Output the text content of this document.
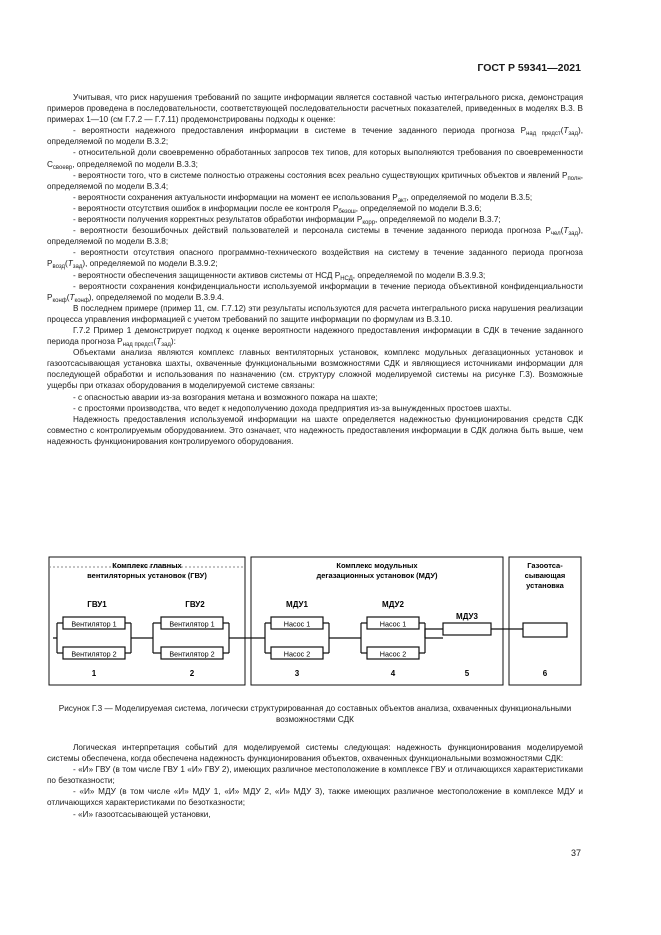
ГОСТ Р 59341—2021

Учитывая, что риск нарушения требований по защите информации является составной частью интегрального риска, демонстрация примеров проведена в последовательности, соответствующей последовательности расчетных показателей, приведенных в моделях В.3. В примерах 1—10 (см Г.7.2 — Г.7.11) продемонстрированы подходы к оценке:

- вероятности надежного предоставления информации в системе в течение заданного периода прогноза $P_{над предст}(T_{зад})$, определяемой по модели В.3.2;

- относительной доли своевременно обработанных запросов тех типов, для которых выполняются требования по своевременности $C_{своевр}$, определяемой по модели В.3.3;

- вероятности того, что в системе полностью отражены состояния всех реально существующих критичных объектов и явлений $P_{полн}$, определяемой по модели В.3.4;

- вероятности сохранения актуальности информации на момент ее использования $P_{акт}$, определяемой по модели В.3.5;

- вероятности отсутствия ошибок в информации после ее контроля $P_{безош}$, определяемой по модели В.3.6;

- вероятности получения корректных результатов обработки информации $P_{корр}$, определяемой по модели В.3.7;

- вероятности безошибочных действий пользователей и персонала системы в течение заданного периода прогноза $P_{чел}(T_{зад})$, определяемой по модели В.3.8;

- вероятности отсутствия опасного программно-технического воздействия на систему в течение заданного периода прогноза $P_{возд}(T_{зад})$, определяемой по модели В.3.9.2;

- вероятности обеспечения защищенности активов системы от НСД $P_{НСД}$, определяемой по модели В.3.9.3;

- вероятности сохранения конфиденциальности используемой информации в течение периода объективной конфиденциальности $P_{конф}(T_{конф})$, определяемой по модели В.3.9.4.

В последнем примере (пример 11, см. Г.7.12) эти результаты используются для расчета интегрального риска нарушения реализации процесса управления информацией с учетом требований по защите информации по формулам из В.3.10.

Г.7.2 Пример 1 демонстрирует подход к оценке вероятности надежного предоставления информации в СДК в течение заданного периода прогноза $P_{над предст}(T_{зад})$:

Объектами анализа являются комплекс главных вентиляторных установок, комплекс модульных дегазационных установок и газоотсасывающая установка шахты, охваченные функциональными возможностями СДК и являющиеся источниками информации для последующей обработки и использования по назначению (см. структуру сложной моделируемой системы на рисунке Г.3). Возможные ущербы при отказах оборудования в моделируемой системе связаны:

- с опасностью аварии из-за возгорания метана и возможного пожара на шахте;

- с простоями производства, что ведет к недополучению дохода предприятия из-за вынужденных простоев шахты.

Надежность предоставления используемой информации на шахте определяется надежностью функционирования средств СДК совместно с контролируемым оборудованием. Это означает, что надежность предоставления информации в СДК должна быть выше, чем надежность функционирования контролируемого оборудования.

Комплекс главных
вентиляторных установок (ГВУ)
Комплекс модульных
дегазационных установок (МДУ)
Газоотса-
сывающая
установка
ГВУ1	ГВУ2	МДУ1	МДУ2
МДУ3
Вентилятор 1
Вентилятор 2
Вентилятор 1
Вентилятор 2
Насос 1
Насос 2
Насос 1
Насос 2
1	2	3	4	5	6
Рисунок Г.3 — Моделируемая система, логически структурированная до составных объектов анализа, охваченных функциональными возможностями СДК

Логическая интерпретация событий для моделируемой системы следующая: надежность функционирования моделируемой системы обеспечена, когда обеспечена надежность функционирования объектов, охваченных функциональными возможностями СДК:

- «И» ГВУ (в том числе ГВУ 1 «И» ГВУ 2), имеющих различное местоположение в комплексе ГВУ и отличающихся характеристиками по безотказности;

- «И» МДУ (в том числе «И» МДУ 1, «И» МДУ 2, «И» МДУ 3), также имеющих различное местоположение в комплексе МДУ и отличающихся характеристиками по безотказности;

- «И» газоотсасывающей установки,

37
